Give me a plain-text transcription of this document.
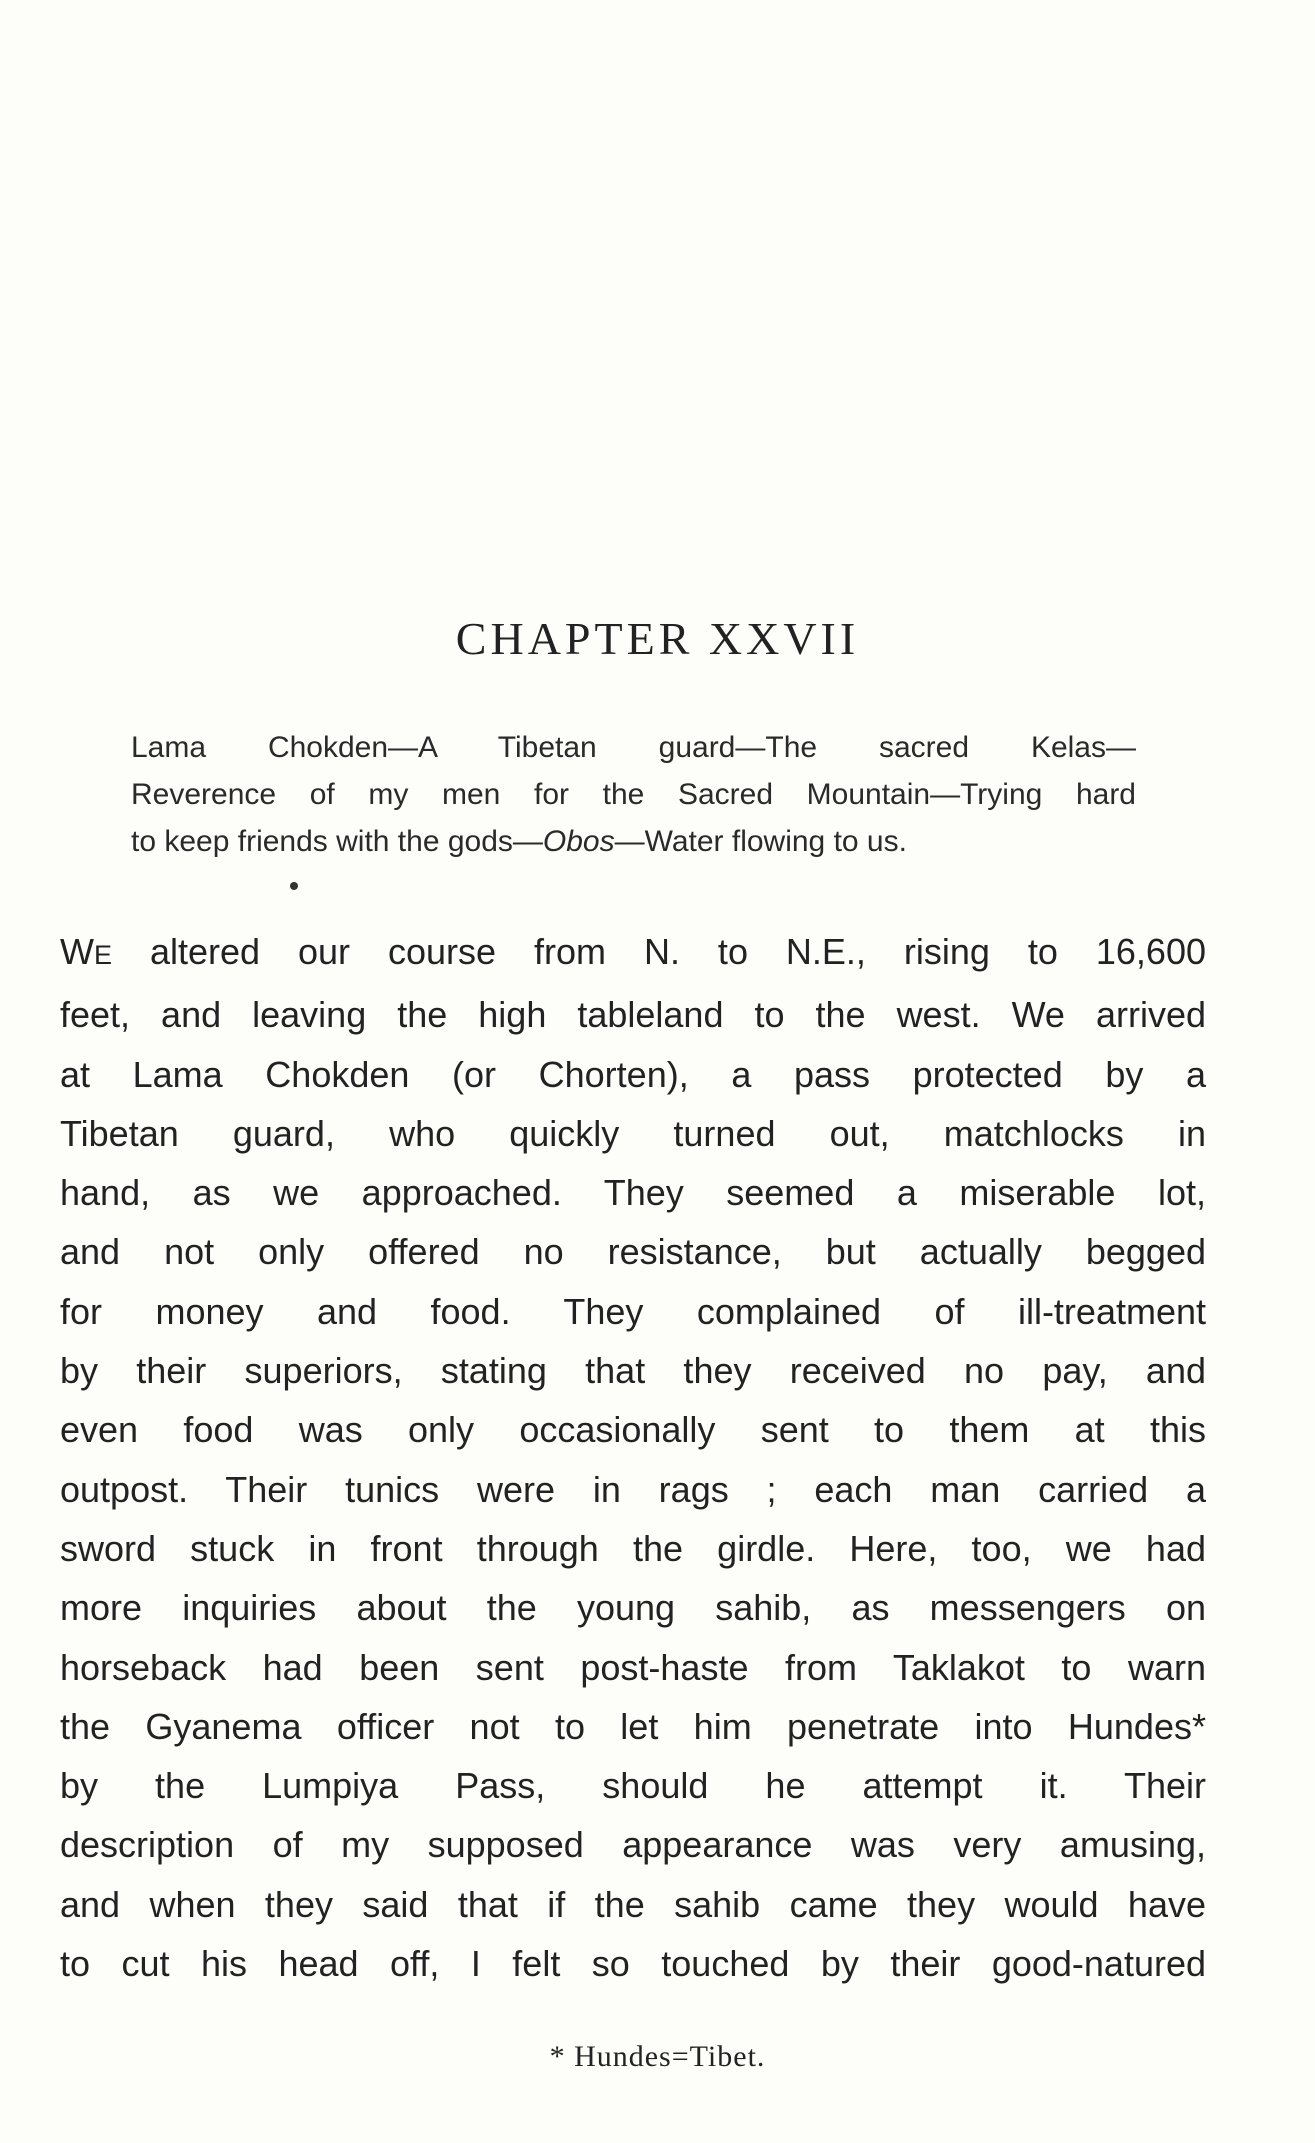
CHAPTER XXVII
Lama Chokden—A Tibetan guard—The sacred Kelas—
Reverence of my men for the Sacred Mountain—Trying hard
to keep friends with the gods—Obos—Water flowing to us.
WE altered our course from N. to N.E., rising to 16,600
feet, and leaving the high tableland to the west. We arrived
at Lama Chokden (or Chorten), a pass protected by a
Tibetan guard, who quickly turned out, matchlocks in
hand, as we approached. They seemed a miserable lot,
and not only offered no resistance, but actually begged
for money and food. They complained of ill-treatment
by their superiors, stating that they received no pay, and
even food was only occasionally sent to them at this
outpost. Their tunics were in rags ; each man carried a
sword stuck in front through the girdle. Here, too, we had
more inquiries about the young sahib, as messengers on
horseback had been sent post-haste from Taklakot to warn
the Gyanema officer not to let him penetrate into Hundes*
by the Lumpiya Pass, should he attempt it. Their
description of my supposed appearance was very amusing,
and when they said that if the sahib came they would have
to cut his head off, I felt so touched by their good-natured
* Hundes=Tibet.
